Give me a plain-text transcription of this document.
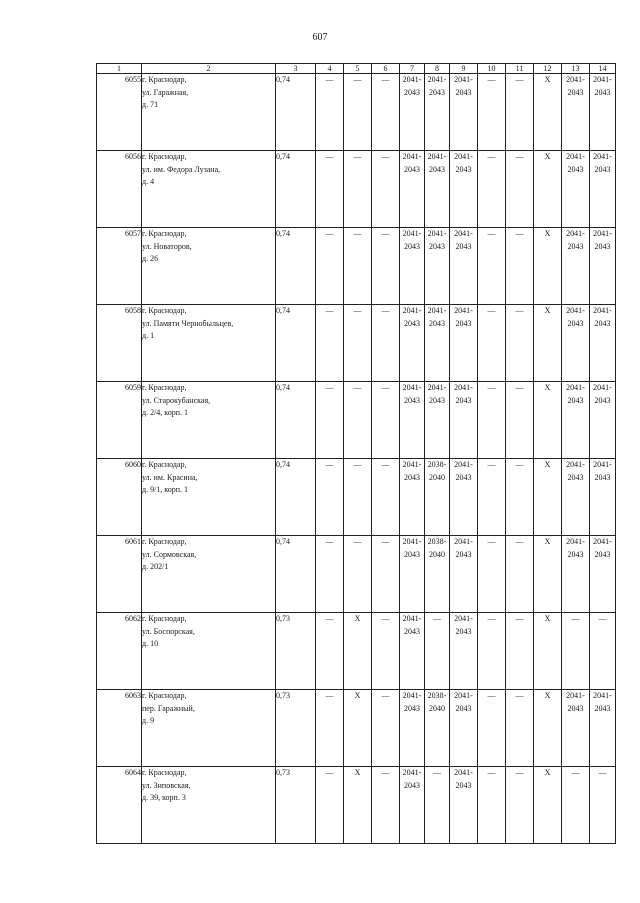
607
1	2	3	4	5	6	7	8	9	10	11	12	13	14
6055	г. Краснодар,
ул. Гаражная,
д. 71	0,74	—	—	—	2041-
2043	2041-
2043	2041-
2043	—	—	X	2041-
2043	2041-
2043

6056	г. Краснодар,
ул. им. Федора Лузана,
д. 4	0,74	—	—	—	2041-
2043	2041-
2043	2041-
2043	—	—	X	2041-
2043	2041-
2043

6057	г. Краснодар,
ул. Новаторов,
д. 26	0,74	—	—	—	2041-
2043	2041-
2043	2041-
2043	—	—	X	2041-
2043	2041-
2043

6058	г. Краснодар,
ул. Памяти Чернобыльцев,
д. 1	0,74	—	—	—	2041-
2043	2041-
2043	2041-
2043	—	—	X	2041-
2043	2041-
2043

6059	г. Краснодар,
ул. Старокубанская,
д. 2/4, корп. 1	0,74	—	—	—	2041-
2043	2041-
2043	2041-
2043	—	—	X	2041-
2043	2041-
2043

6060	г. Краснодар,
ул. им. Красина,
д. 9/1, корп. 1	0,74	—	—	—	2041-
2043	2038-
2040	2041-
2043	—	—	X	2041-
2043	2041-
2043

6061	г. Краснодар,
ул. Сормовская,
д. 202/1	0,74	—	—	—	2041-
2043	2038-
2040	2041-
2043	—	—	X	2041-
2043	2041-
2043

6062	г. Краснодар,
ул. Боспорская,
д. 10	0,73	—	X	—	2041-
2043	—	2041-
2043	—	—	X	—	—

6063	г. Краснодар,
пер. Гаражный,
д. 9	0,73	—	X	—	2041-
2043	2038-
2040	2041-
2043	—	—	X	2041-
2043	2041-
2043

6064	г. Краснодар,
ул. Зиповская,
д. 39, корп. 3	0,73	—	X	—	2041-
2043	—	2041-
2043	—	—	X	—	—
